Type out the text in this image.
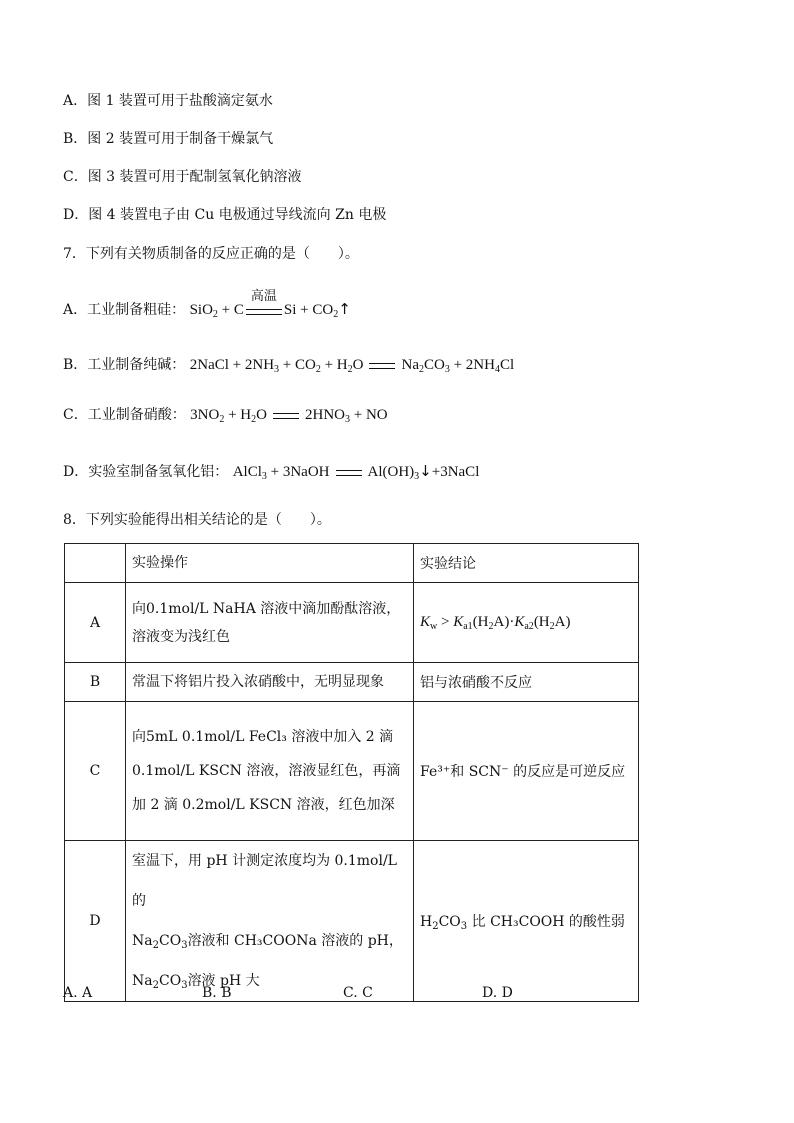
A．图 1 装置可用于盐酸滴定氨水
B．图 2 装置可用于制备干燥氯气
C．图 3 装置可用于配制氢氧化钠溶液
D．图 4 装置电子由 Cu 电极通过导线流向 Zn 电极
7．下列有关物质制备的反应正确的是（　　）。
A．工业制备粗硅： SiO$_2$ + C
高温
$Si + CO_2↑$
B．工业制备纯碱： 2NaCl + $2NH_3 + CO_2 + H_2O$	$Na_2CO_3 + 2NH_4Cl$
C．工业制备硝酸： $3NO_2 + H_2O$	$2HNO_3$ + NO
D．实验室制备氢氧化铝： AlCl$_3$ + 3NaOH	$Al(OH)_3↓+3NaCl$
8．下列实验能得出相关结论的是（　　）。
	实验操作	实验结论
A	向0.1mol/L NaHA 溶液中滴加酚酞溶液，
溶液变为浅红色	$K_w > K_{a1}(H_2A)\cdot K_{a2}(H_2A)$
B	常温下将铝片投入浓硝酸中，无明显现象	铝与浓硝酸不反应
C	向5mL 0.1mol/L FeCl₃ 溶液中加入 2 滴
0.1mol/L KSCN 溶液，溶液显红色，再滴
加 2 滴 0.2mol/L KSCN 溶液，红色加深	Fe³⁺和 SCN⁻ 的反应是可逆反应
D	室温下，用 pH 计测定浓度均为 0.1mol/L 的
$Na_2CO_3$溶液和 CH₃COONa 溶液的 pH，
$Na_2CO_3$溶液 pH 大	$H_2CO_3$ 比 CH₃COOH 的酸性弱
A. A	B. B	C. C	D. D
